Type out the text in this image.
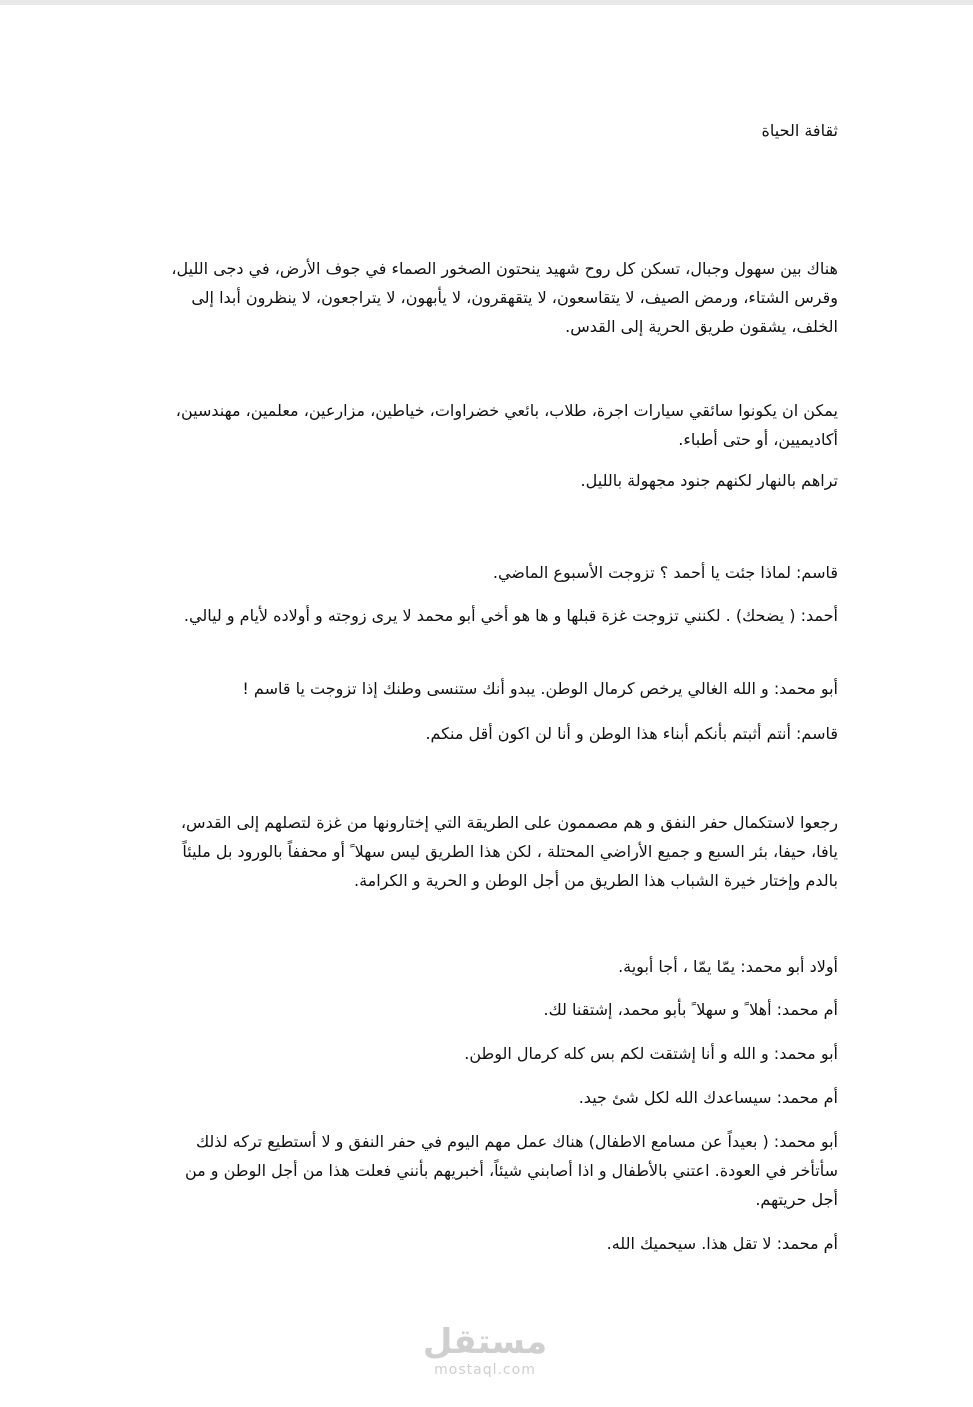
ثقافة الحياة

هناك بين سهول وجبال، تسكن كل روح شهيد ينحتون الصخور الصماء في جوف الأرض، في دجى الليل، وقرس الشتاء، ورمض الصيف، لا يتقاسعون، لا يتقهقرون، لا يأبهون، لا يتراجعون، لا ينظرون أبدا إلى الخلف، يشقون طريق الحرية إلى القدس.

يمكن ان يكونوا سائقي سيارات اجرة، طلاب، بائعي خضراوات، خياطين، مزارعين، معلمين، مهندسين، أكاديميين، أو حتى أطباء.

تراهم بالنهار لكنهم جنود مجهولة بالليل.

قاسم: لماذا جئت يا أحمد ؟ تزوجت الأسبوع الماضي.

أحمد: ( يضحك) . لكنني تزوجت غزة قبلها و ها هو أخي أبو محمد لا يرى زوجته و أولاده لأيام و ليالي.

أبو محمد: و الله الغالي يرخص كرمال الوطن. يبدو أنك ستنسى وطنك إذا تزوجت يا قاسم !

قاسم: أنتم أثبتم بأنكم أبناء هذا الوطن و أنا لن اكون أقل منكم.

رجعوا لاستكمال حفر النفق و هم مصممون على الطريقة التي إختارونها من غزة لتصلهم إلى القدس، يافا، حيفا، بئر السبع و جميع الأراضي المحتلة ، لكن هذا الطريق ليس سهلا ً أو محففاً بالورود بل مليئاً بالدم وإختار خيرة الشباب هذا الطريق من أجل الوطن و الحرية و الكرامة.

أولاد أبو محمد: يمّا يمّا ، أجا أبوية.

أم محمد: أهلا ً و سهلا ً بأبو محمد، إشتقنا لك.

أبو محمد: و الله و أنا إشتقت لكم بس كله كرمال الوطن.

أم محمد: سيساعدك الله لكل شئ جيد.

أبو محمد: ( بعيداً عن مسامع الاطفال) هناك عمل مهم اليوم في حفر النفق و لا أستطيع تركه لذلك سأتأخر في العودة. اعتني بالأطفال و اذا أصابني شيئاً، أخبريهم بأنني فعلت هذا من أجل الوطن و من أجل حريتهم.

أم محمد: لا تقل هذا. سيحميك الله.

مستقل
mostaql.com
